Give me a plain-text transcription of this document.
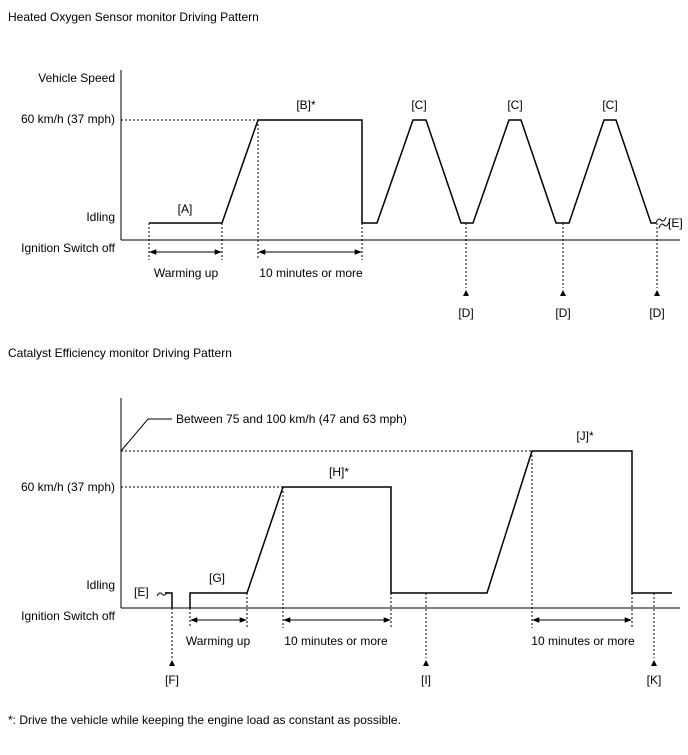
Heated Oxygen Sensor monitor Driving Pattern
Vehicle Speed
60 km/h (37 mph)
Idling
Ignition Switch off
[A]
[B]*	[C]	[C]	[C]
[E]
Warming up	10 minutes or more
[D]	[D]	[D]
Catalyst Efficiency monitor Driving Pattern
Between 75 and 100 km/h (47 and 63 mph)
60 km/h (37 mph)
Idling
Ignition Switch off
[E]
[G]
[H]*
[J]*
Warming up	10 minutes or more	10 minutes or more
[F]	[I]	[K]
*: Drive the vehicle while keeping the engine load as constant as possible.
